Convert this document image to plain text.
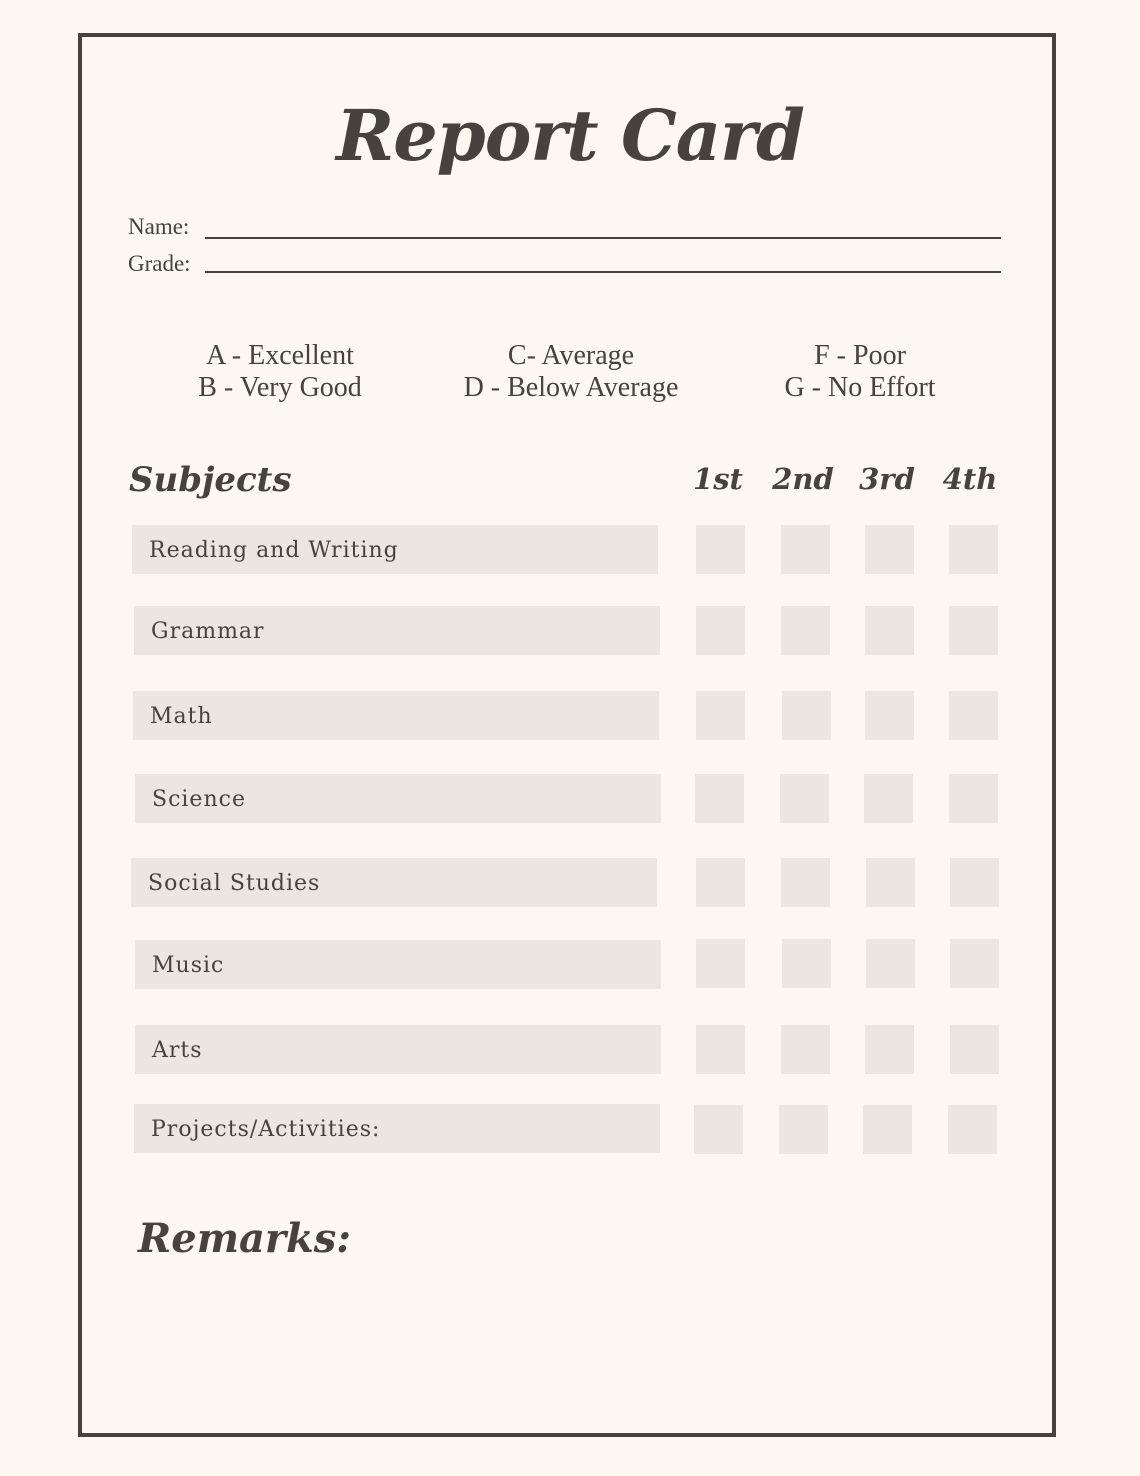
Report Card
Name:
Grade:
A - Excellent
B - Very Good
C- Average
D - Below Average
F - Poor
G - No Effort
Subjects	1st	2nd 3rd 4th
Reading and Writing
Grammar
Math
Science
Social Studies
Music
Arts
Projects/Activities:
Remarks:
